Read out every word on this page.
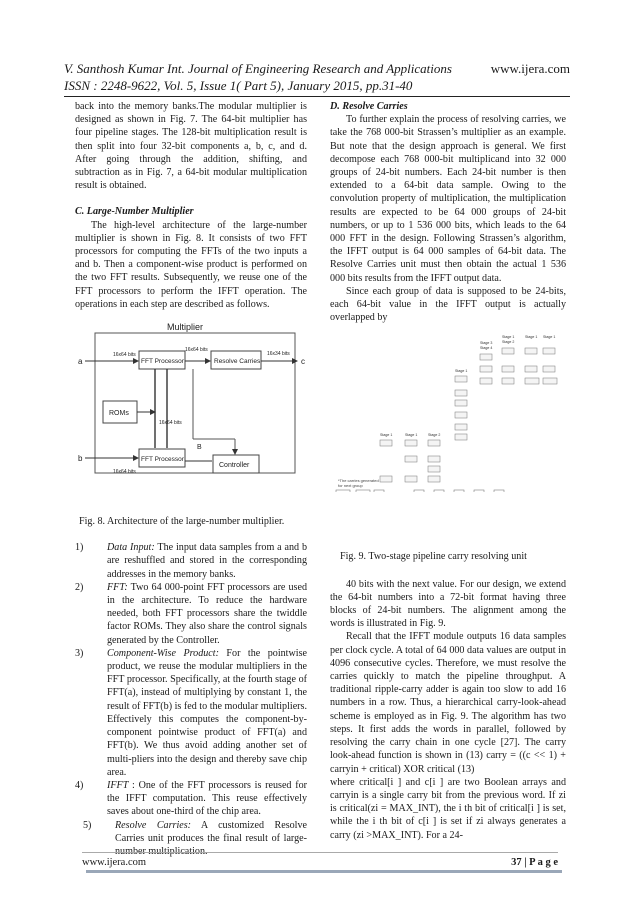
V. Santhosh Kumar Int. Journal of Engineering Research and Applications	www.ijera.com
ISSN : 2248-9622, Vol. 5, Issue 1( Part 5), January 2015, pp.31-40

back into the memory banks.The modular multiplier is designed as shown in Fig. 7. The 64-bit multiplier has four pipeline stages. The 128-bit multiplication result is then split into four 32-bit components a, b, c, and d. After going through the addition, shifting, and subtraction as in Fig. 7, a 64-bit modular multiplication result is obtained.

C. Large-Number Multiplier

The high-level architecture of the large-number multiplier is shown in Fig. 8. It consists of two FFT processors for computing the FFTs of the two inputs a and b. Then a component-wise product is performed on the two FFT results. Subsequently, we reuse one of the FFT processors to perform the IFFT operation. The operations in each step are described as follows.

Multiplier
FFT Processor	Resolve Carries
ROMs
FFT Processor
Controller
a
16x64 bits
16x64 bits
16x34 bits
c
b
16x64 bits
16x64 bits
B

Fig. 8. Architecture of the large-number multiplier.

1) Data Input: The input data samples from a and b are reshuffled and stored in the corresponding addresses in the memory banks.
2) FFT: Two 64 000-point FFT processors are used in the architecture. To reduce the hardware needed, both FFT processors share the twiddle factor ROMs. They also share the control signals generated by the Controller.
3) Component-Wise Product: For the pointwise product, we reuse the modular multipliers in the FFT processor. Specifically, at the fourth stage of FFT(a), instead of multiplying by constant 1, the result of FFT(b) is fed to the modular multipliers. Effectively this computes the component-by-component pointwise product of FFT(a) and FFT(b). We thus avoid adding another set of multi-pliers into the design and thereby save chip area.
4) IFFT : One of the FFT processors is reused for the IFFT computation. This reuse effectively saves about one-third of the chip area.
5) Resolve Carries: A customized Resolve Carries unit produces the final result of large-number multiplication.

D. Resolve Carries

To further explain the process of resolving carries, we take the 768 000-bit Strassen’s multiplier as an example. But note that the design approach is general. We first decompose each 768 000-bit multiplicand into 32 000 groups of 24-bit numbers. Each 24-bit number is then extended to a 64-bit data sample. Owing to the convolution property of multiplication, the multiplication results are expected to be 64 000 groups of 24-bit numbers, or up to 1 536 000 bits, which leads to the 64 000 FFT in the design. Following Strassen’s algorithm, the IFFT output is 64 000 samples of 64-bit data. The Resolve Carries unit must then obtain the actual 1 536 000 bits results from the IFFT output data.

Since each group of data is supposed to be 24-bits, each 64-bit value in the IFFT output is actually overlapped by

Stage 3
Stage 4
Stage 1
Stage 2
Stage 1 Stage 1
Stage 1
Stage 1	Stage 1	Stage 2
*The carries generated
for next group

Fig. 9. Two-stage pipeline carry resolving unit

40 bits with the next value. For our design, we extend the 64-bit numbers into a 72-bit format having three blocks of 24-bit numbers. The alignment among the words is illustrated in Fig. 9.

Recall that the IFFT module outputs 16 data samples per clock cycle. A total of 64 000 data values are output in 4096 consecutive cycles. Therefore, we must resolve the carries quickly to match the pipeline throughput. A traditional ripple-carry adder is again too slow to add 16 numbers in a row. Thus, a hierarchical carry-look-ahead scheme is employed as in Fig. 9. The algorithm has two steps. It first adds the words in parallel, followed by resolving the carry chain in one cycle [27]. The carry look-ahead function is shown in (13) carry = ((c << 1) + carryin + critical) XOR critical (13)

where critical[i ] and c[i ] are two Boolean arrays and carryin is a single carry bit from the previous word. If zi is critical(zi = MAX_INT), the i th bit of critical[i ] is set, while the i th bit of c[i ] is set if zi always generates a carry (zi >MAX_INT). For a 24-

www.ijera.com	37 | P a g e
